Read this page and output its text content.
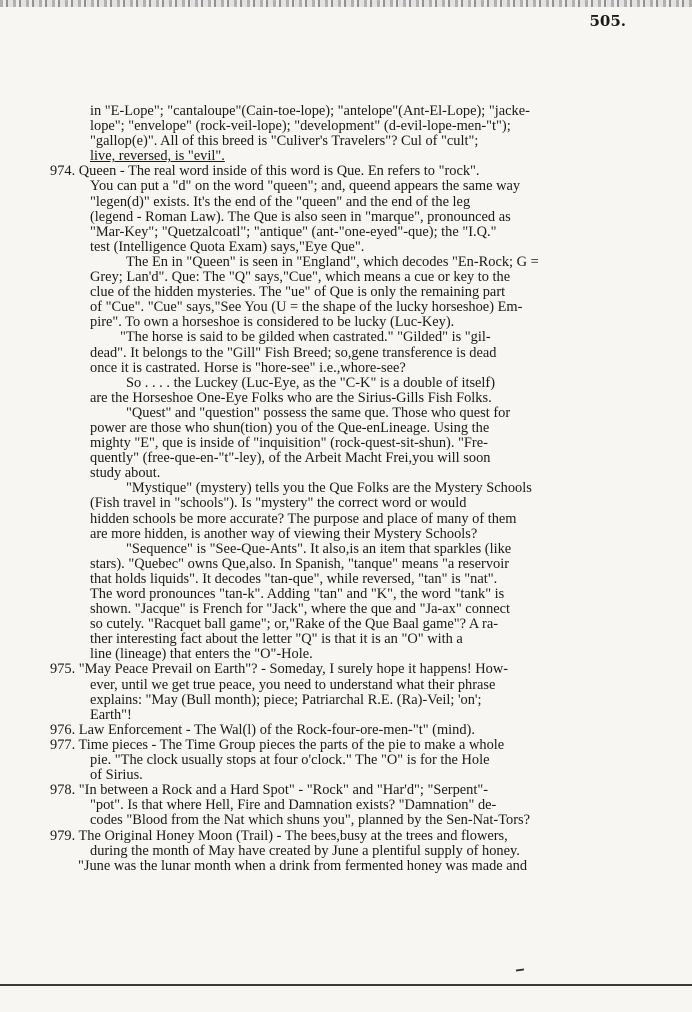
505.
in "E-Lope"; "cantaloupe"(Cain-toe-lope); "antelope"(Ant-El-Lope); "jacke-
lope"; "envelope" (rock-veil-lope); "development" (d-evil-lope-men-"t");
"gallop(e)". All of this breed is "Culiver's Travelers"? Cul of "cult";
live, reversed, is "evil".
974. Queen - The real word inside of this word is Que. En refers to "rock".
You can put a "d" on the word "queen"; and, queend appears the same way
"legen(d)" exists. It's the end of the "queen" and the end of the leg
(legend - Roman Law). The Que is also seen in "marque", pronounced as
"Mar-Key"; "Quetzalcoatl"; "antique" (ant-"one-eyed"-que); the "I.Q."
test (Intelligence Quota Exam) says,"Eye Que".
The En in "Queen" is seen in "England", which decodes "En-Rock; G =
Grey; Lan'd". Que: The "Q" says,"Cue", which means a cue or key to the
clue of the hidden mysteries. The "ue" of Que is only the remaining part
of "Cue". "Cue" says,"See You (U = the shape of the lucky horseshoe) Em-
pire". To own a horseshoe is considered to be lucky (Luc-Key).
"The horse is said to be gilded when castrated." "Gilded" is "gil-
dead". It belongs to the "Gill" Fish Breed; so,gene transference is dead
once it is castrated. Horse is "hore-see" i.e.,whore-see?
So . . . . the Luckey (Luc-Eye, as the "C-K" is a double of itself)
are the Horseshoe One-Eye Folks who are the Sirius-Gills Fish Folks.
"Quest" and "question" possess the same que. Those who quest for
power are those who shun(tion) you of the Que-enLineage. Using the
mighty "E", que is inside of "inquisition" (rock-quest-sit-shun). "Fre-
quently" (free-que-en-"t"-ley), of the Arbeit Macht Frei,you will soon
study about.
"Mystique" (mystery) tells you the Que Folks are the Mystery Schools
(Fish travel in "schools"). Is "mystery" the correct word or would
hidden schools be more accurate? The purpose and place of many of them
are more hidden, is another way of viewing their Mystery Schools?
"Sequence" is "See-Que-Ants". It also,is an item that sparkles (like
stars). "Quebec" owns Que,also. In Spanish, "tanque" means "a reservoir
that holds liquids". It decodes "tan-que", while reversed, "tan" is "nat".
The word pronounces "tan-k". Adding "tan" and "K", the word "tank" is
shown. "Jacque" is French for "Jack", where the que and "Ja-ax" connect
so cutely. "Racquet ball game"; or,"Rake of the Que Baal game"? A ra-
ther interesting fact about the letter "Q" is that it is an "O" with a
line (lineage) that enters the "O"-Hole.
975. "May Peace Prevail on Earth"? - Someday, I surely hope it happens! How-
ever, until we get true peace, you need to understand what their phrase
explains: "May (Bull month); piece; Patriarchal R.E. (Ra)-Veil; 'on';
Earth"!
976. Law Enforcement - The Wal(l) of the Rock-four-ore-men-"t" (mind).
977. Time pieces - The Time Group pieces the parts of the pie to make a whole
pie. "The clock usually stops at four o'clock." The "O" is for the Hole
of Sirius.
978. "In between a Rock and a Hard Spot" - "Rock" and "Har'd"; "Serpent"-
"pot". Is that where Hell, Fire and Damnation exists? "Damnation" de-
codes "Blood from the Nat which shuns you", planned by the Sen-Nat-Tors?
979. The Original Honey Moon (Trail) - The bees,busy at the trees and flowers,
during the month of May have created by June a plentiful supply of honey.
"June was the lunar month when a drink from fermented honey was made and
